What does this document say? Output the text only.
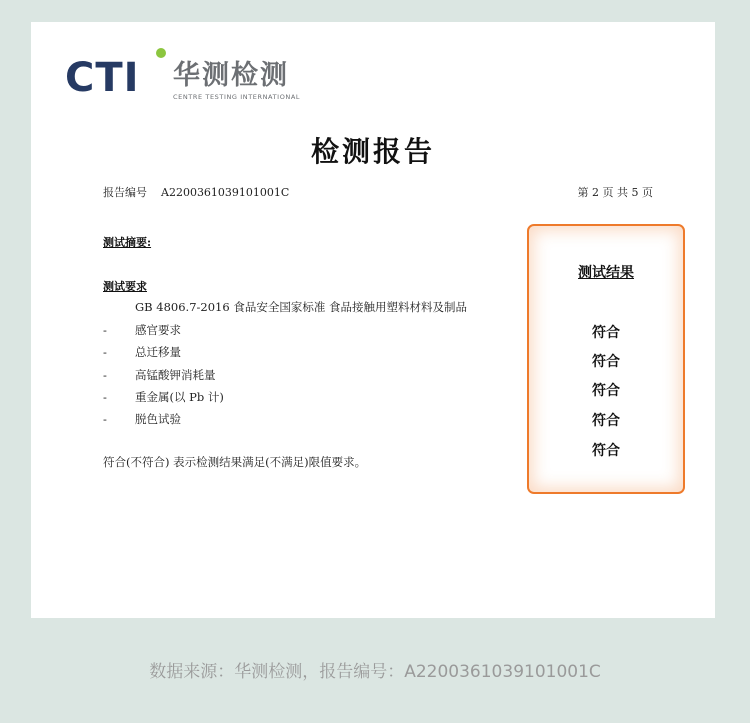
CTI 华测检测
CENTRE TESTING INTERNATIONAL
检测报告
报告编号 A2200361039101001C	第 2 页 共 5 页
测试摘要:
测试要求
GB 4806.7-2016 食品安全国家标准 食品接触用塑料材料及制品
- 感官要求
- 总迁移量
- 高锰酸钾消耗量
- 重金属(以 Pb 计)
- 脱色试验
符合(不符合) 表示检测结果满足(不满足)限值要求。
测试结果
符合
符合
符合
符合
符合
数据来源：华测检测，报告编号：A2200361039101001C
